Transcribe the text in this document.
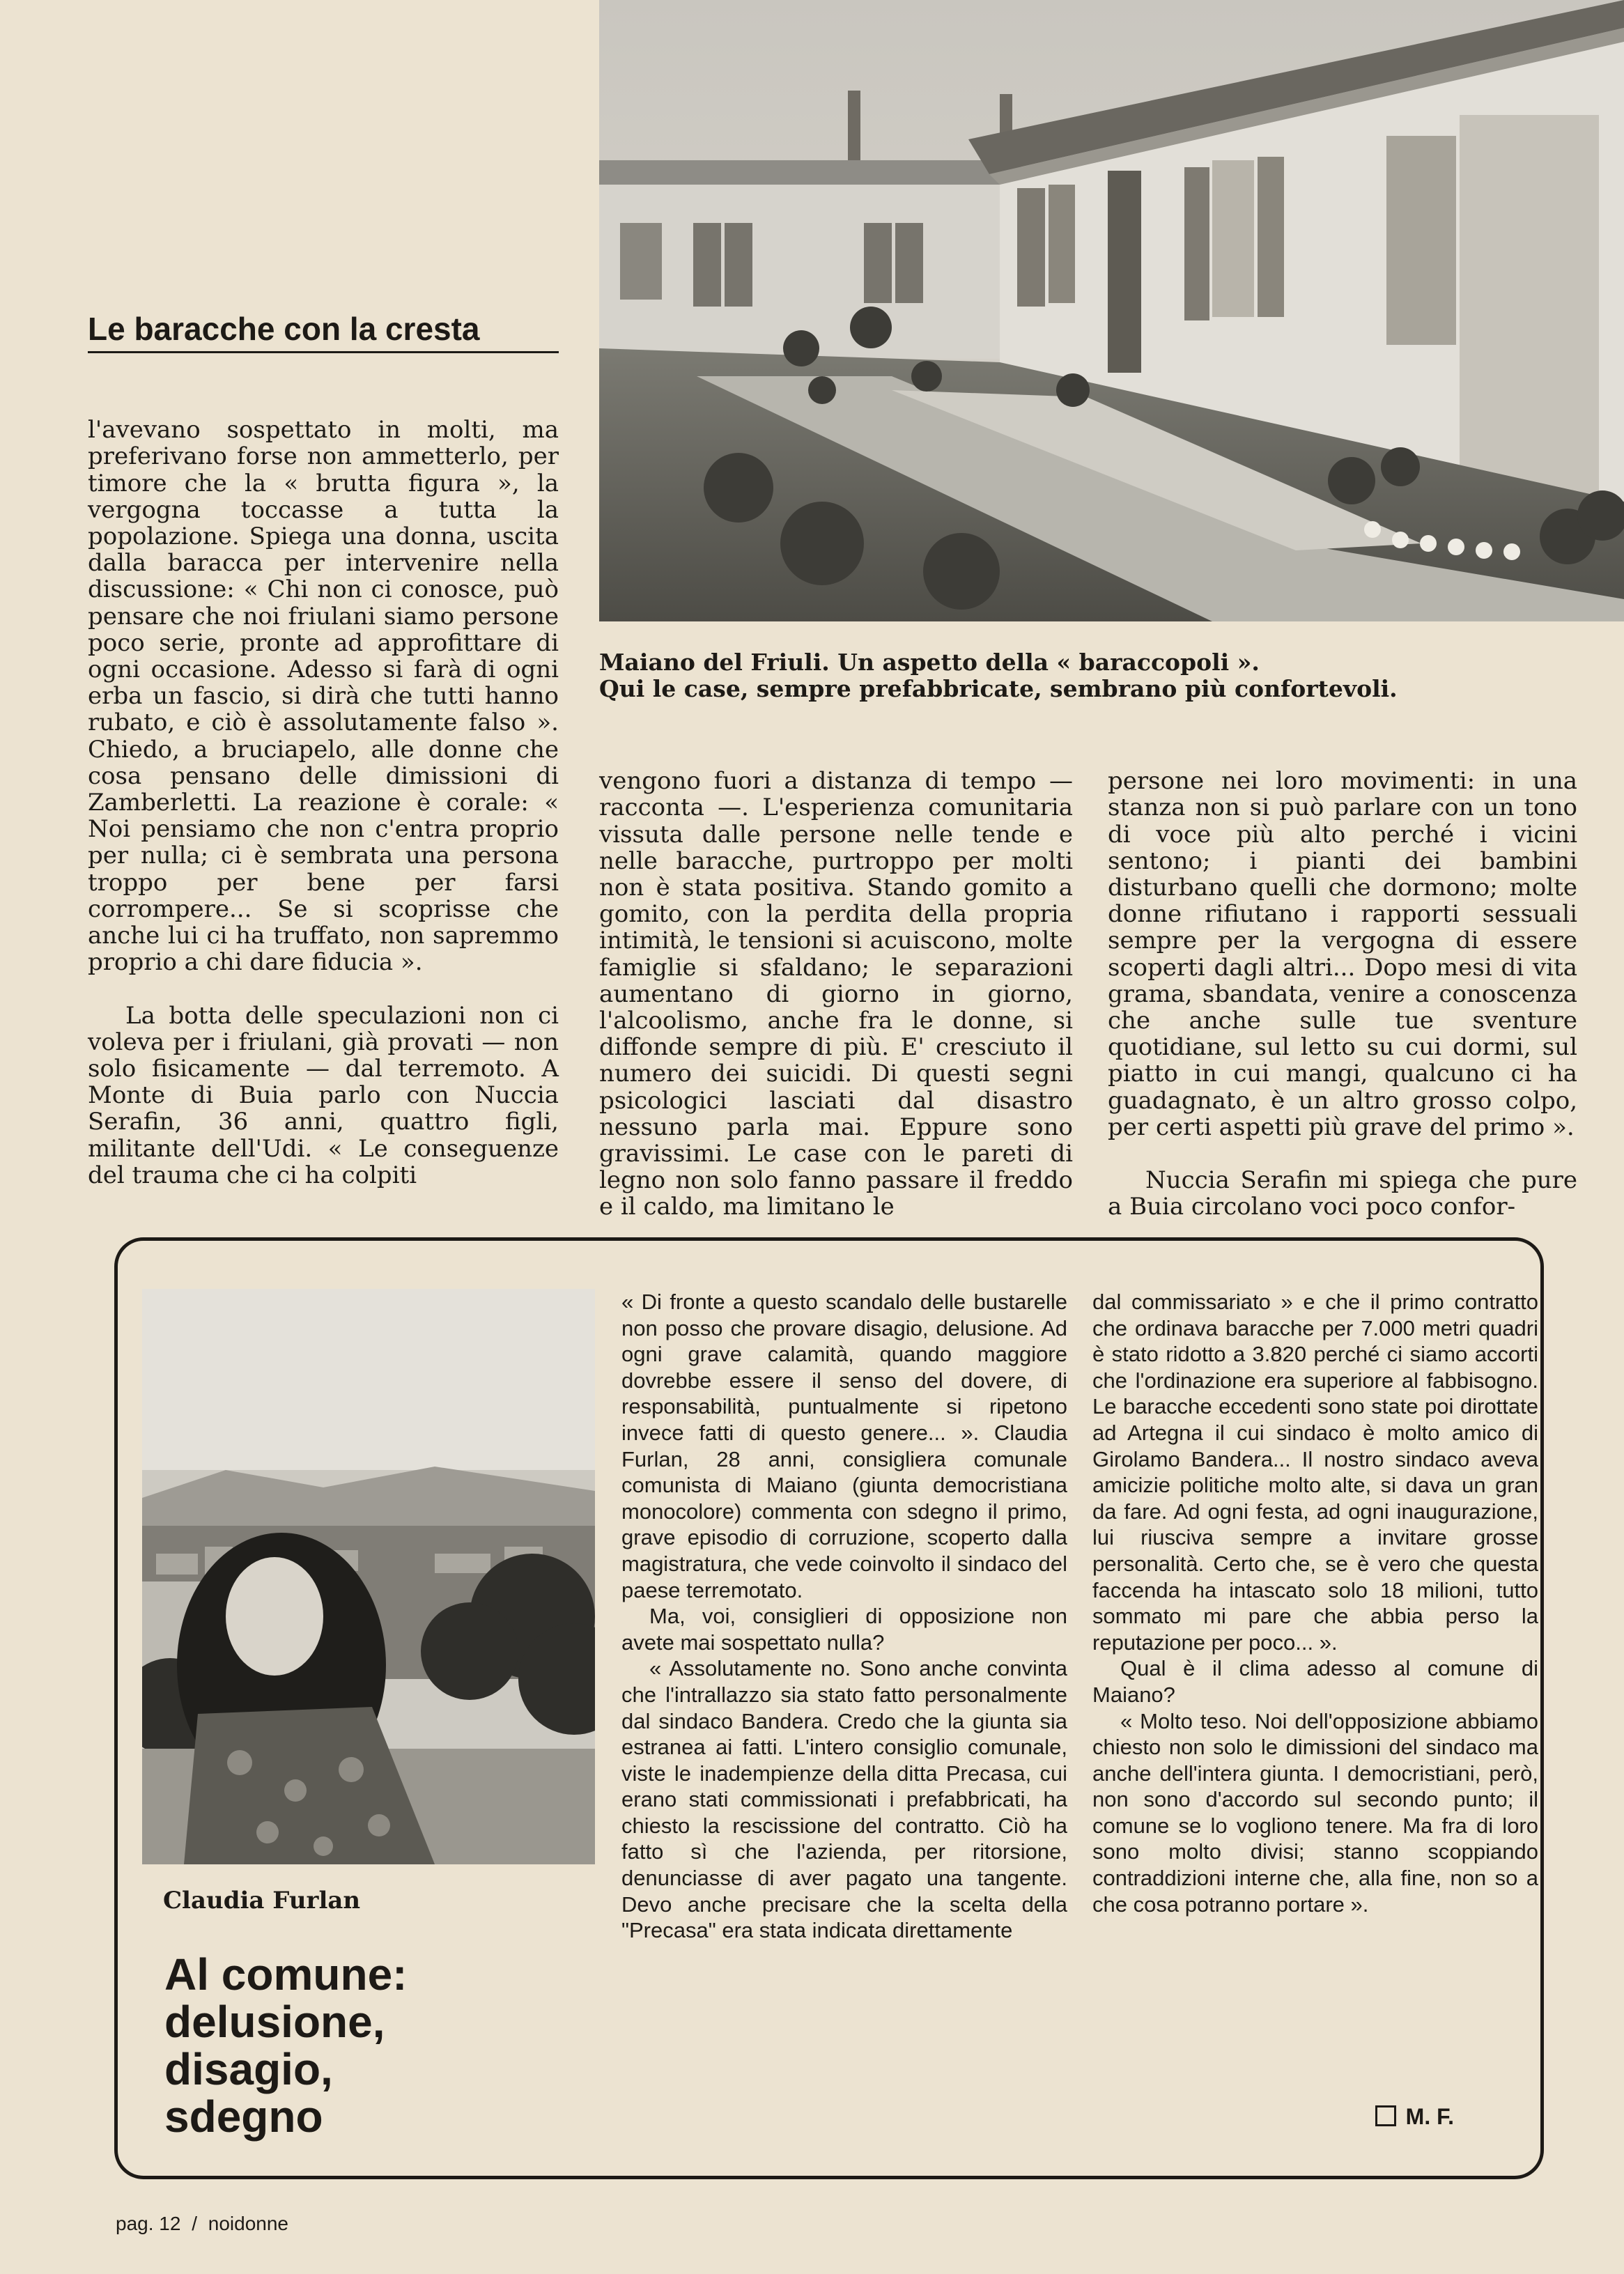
Le baracche con la cresta
Maiano del Friuli. Un aspetto della « baraccopoli ».
Qui le case, sempre prefabbricate, sembrano più confortevoli.

l'avevano sospettato in molti, ma preferivano forse non ammetterlo, per timore che la « brutta figura », la vergogna toccasse a tutta la popolazione. Spiega una donna, uscita dalla baracca per intervenire nella discussione: « Chi non ci conosce, può pensare che noi friulani siamo persone poco serie, pronte ad approfittare di ogni occasione. Adesso si farà di ogni erba un fascio, si dirà che tutti hanno rubato, e ciò è assolutamente falso ». Chiedo, a bruciapelo, alle donne che cosa pensano delle dimissioni di Zamberletti. La reazione è corale: « Noi pensiamo che non c'entra proprio per nulla; ci è sembrata una persona troppo per bene per farsi corrompere... Se si scoprisse che anche lui ci ha truffato, non sapremmo proprio a chi dare fiducia ».

La botta delle speculazioni non ci voleva per i friulani, già provati — non solo fisicamente — dal terremoto. A Monte di Buia parlo con Nuccia Serafin, 36 anni, quattro figli, militante dell'Udi. « Le conseguenze del trauma che ci ha colpiti

vengono fuori a distanza di tempo — racconta —. L'esperienza comunitaria vissuta dalle persone nelle tende e nelle baracche, purtroppo per molti non è stata positiva. Stando gomito a gomito, con la perdita della propria intimità, le tensioni si acuiscono, molte famiglie si sfaldano; le separazioni aumentano di giorno in giorno, l'alcoolismo, anche fra le donne, si diffonde sempre di più. E' cresciuto il numero dei suicidi. Di questi segni psicologici lasciati dal disastro nessuno parla mai. Eppure sono gravissimi. Le case con le pareti di legno non solo fanno passare il freddo e il caldo, ma limitano le

persone nei loro movimenti: in una stanza non si può parlare con un tono di voce più alto perché i vicini sentono; i pianti dei bambini disturbano quelli che dormono; molte donne rifiutano i rapporti sessuali sempre per la vergogna di essere scoperti dagli altri... Dopo mesi di vita grama, sbandata, venire a conoscenza che anche sulle tue sventure quotidiane, sul letto su cui dormi, sul piatto in cui mangi, qualcuno ci ha guadagnato, è un altro grosso colpo, per certi aspetti più grave del primo ».

Nuccia Serafin mi spiega che pure a Buia circolano voci poco confor-

Claudia Furlan
Al comune:
delusione,
disagio,
sdegno

« Di fronte a questo scandalo delle bustarelle non posso che provare disagio, delusione. Ad ogni grave calamità, quando maggiore dovrebbe essere il senso del dovere, di responsabilità, puntualmente si ripetono invece fatti di questo genere... ». Claudia Furlan, 28 anni, consigliera comunale comunista di Maiano (giunta democristiana monocolore) commenta con sdegno il primo, grave episodio di corruzione, scoperto dalla magistratura, che vede coinvolto il sindaco del paese terremotato.

Ma, voi, consiglieri di opposizione non avete mai sospettato nulla?

« Assolutamente no. Sono anche convinta che l'intrallazzo sia stato fatto personalmente dal sindaco Bandera. Credo che la giunta sia estranea ai fatti. L'intero consiglio comunale, viste le inadempienze della ditta Precasa, cui erano stati commissionati i prefabbricati, ha chiesto la rescissione del contratto. Ciò ha fatto sì che l'azienda, per ritorsione, denunciasse di aver pagato una tangente. Devo anche precisare che la scelta della "Precasa" era stata indicata direttamente

dal commissariato » e che il primo contratto che ordinava baracche per 7.000 metri quadri è stato ridotto a 3.820 perché ci siamo accorti che l'ordinazione era superiore al fabbisogno. Le baracche eccedenti sono state poi dirottate ad Artegna il cui sindaco è molto amico di Girolamo Bandera... Il nostro sindaco aveva amicizie politiche molto alte, si dava un gran da fare. Ad ogni festa, ad ogni inaugurazione, lui riusciva sempre a invitare grosse personalità. Certo che, se è vero che questa faccenda ha intascato solo 18 milioni, tutto sommato mi pare che abbia perso la reputazione per poco... ».

Qual è il clima adesso al comune di Maiano?

« Molto teso. Noi dell'opposizione abbiamo chiesto non solo le dimissioni del sindaco ma anche dell'intera giunta. I democristiani, però, non sono d'accordo sul secondo punto; il comune se lo vogliono tenere. Ma fra di loro sono molto divisi; stanno scoppiando contraddizioni interne che, alla fine, non so a che cosa potranno portare ».

M. F.
pag. 12 / noidonne
